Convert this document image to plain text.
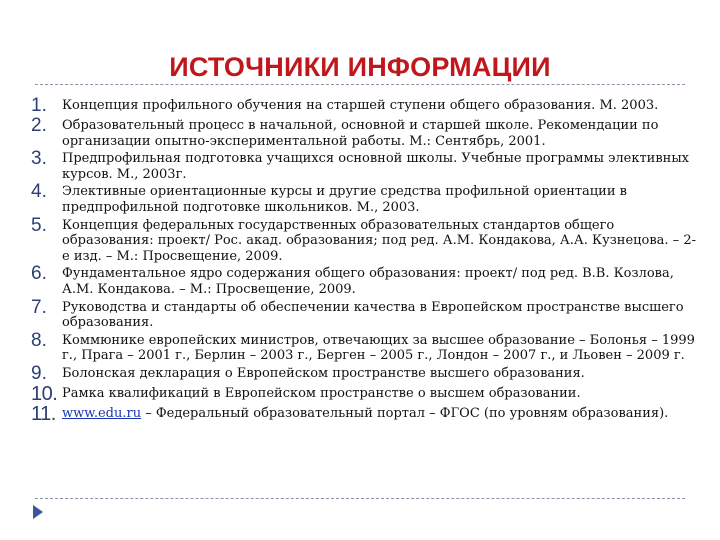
ИСТОЧНИКИ ИНФОРМАЦИИ
1.	Концепция профильного обучения на старшей ступени общего образования. М. 2003.
2.	Образовательный процесс в начальной, основной и старшей школе. Рекомендации по организации опытно-экспериментальной работы. М.: Сентябрь, 2001.
3.	Предпрофильная подготовка учащихся основной школы. Учебные программы элективных курсов. М., 2003г.
4.	Элективные ориентационные курсы и другие средства профильной ориентации в предпрофильной подготовке школьников. М., 2003.
5.	Концепция федеральных государственных образовательных стандартов общего образования: проект/ Рос. акад. образования; под ред. А.М. Кондакова, А.А. Кузнецова. – 2-е изд. – М.: Просвещение, 2009.
6.	Фундаментальное ядро содержания общего образования: проект/ под ред. В.В. Козлова, А.М. Кондакова. – М.: Просвещение, 2009.
7.	Руководства и стандарты об обеспечении качества в Европейском пространстве высшего образования.
8.	Коммюнике европейских министров, отвечающих за высшее образование – Болонья – 1999 г., Прага – 2001 г., Берлин – 2003 г., Берген – 2005 г., Лондон – 2007 г., и Льовен – 2009 г.
9.	Болонская декларация о Европейском пространстве высшего образования.
10. Рамка квалификаций в Европейском пространстве о высшем образовании.
11. www.edu.ru – Федеральный образовательный портал – ФГОС (по уровням образования).
